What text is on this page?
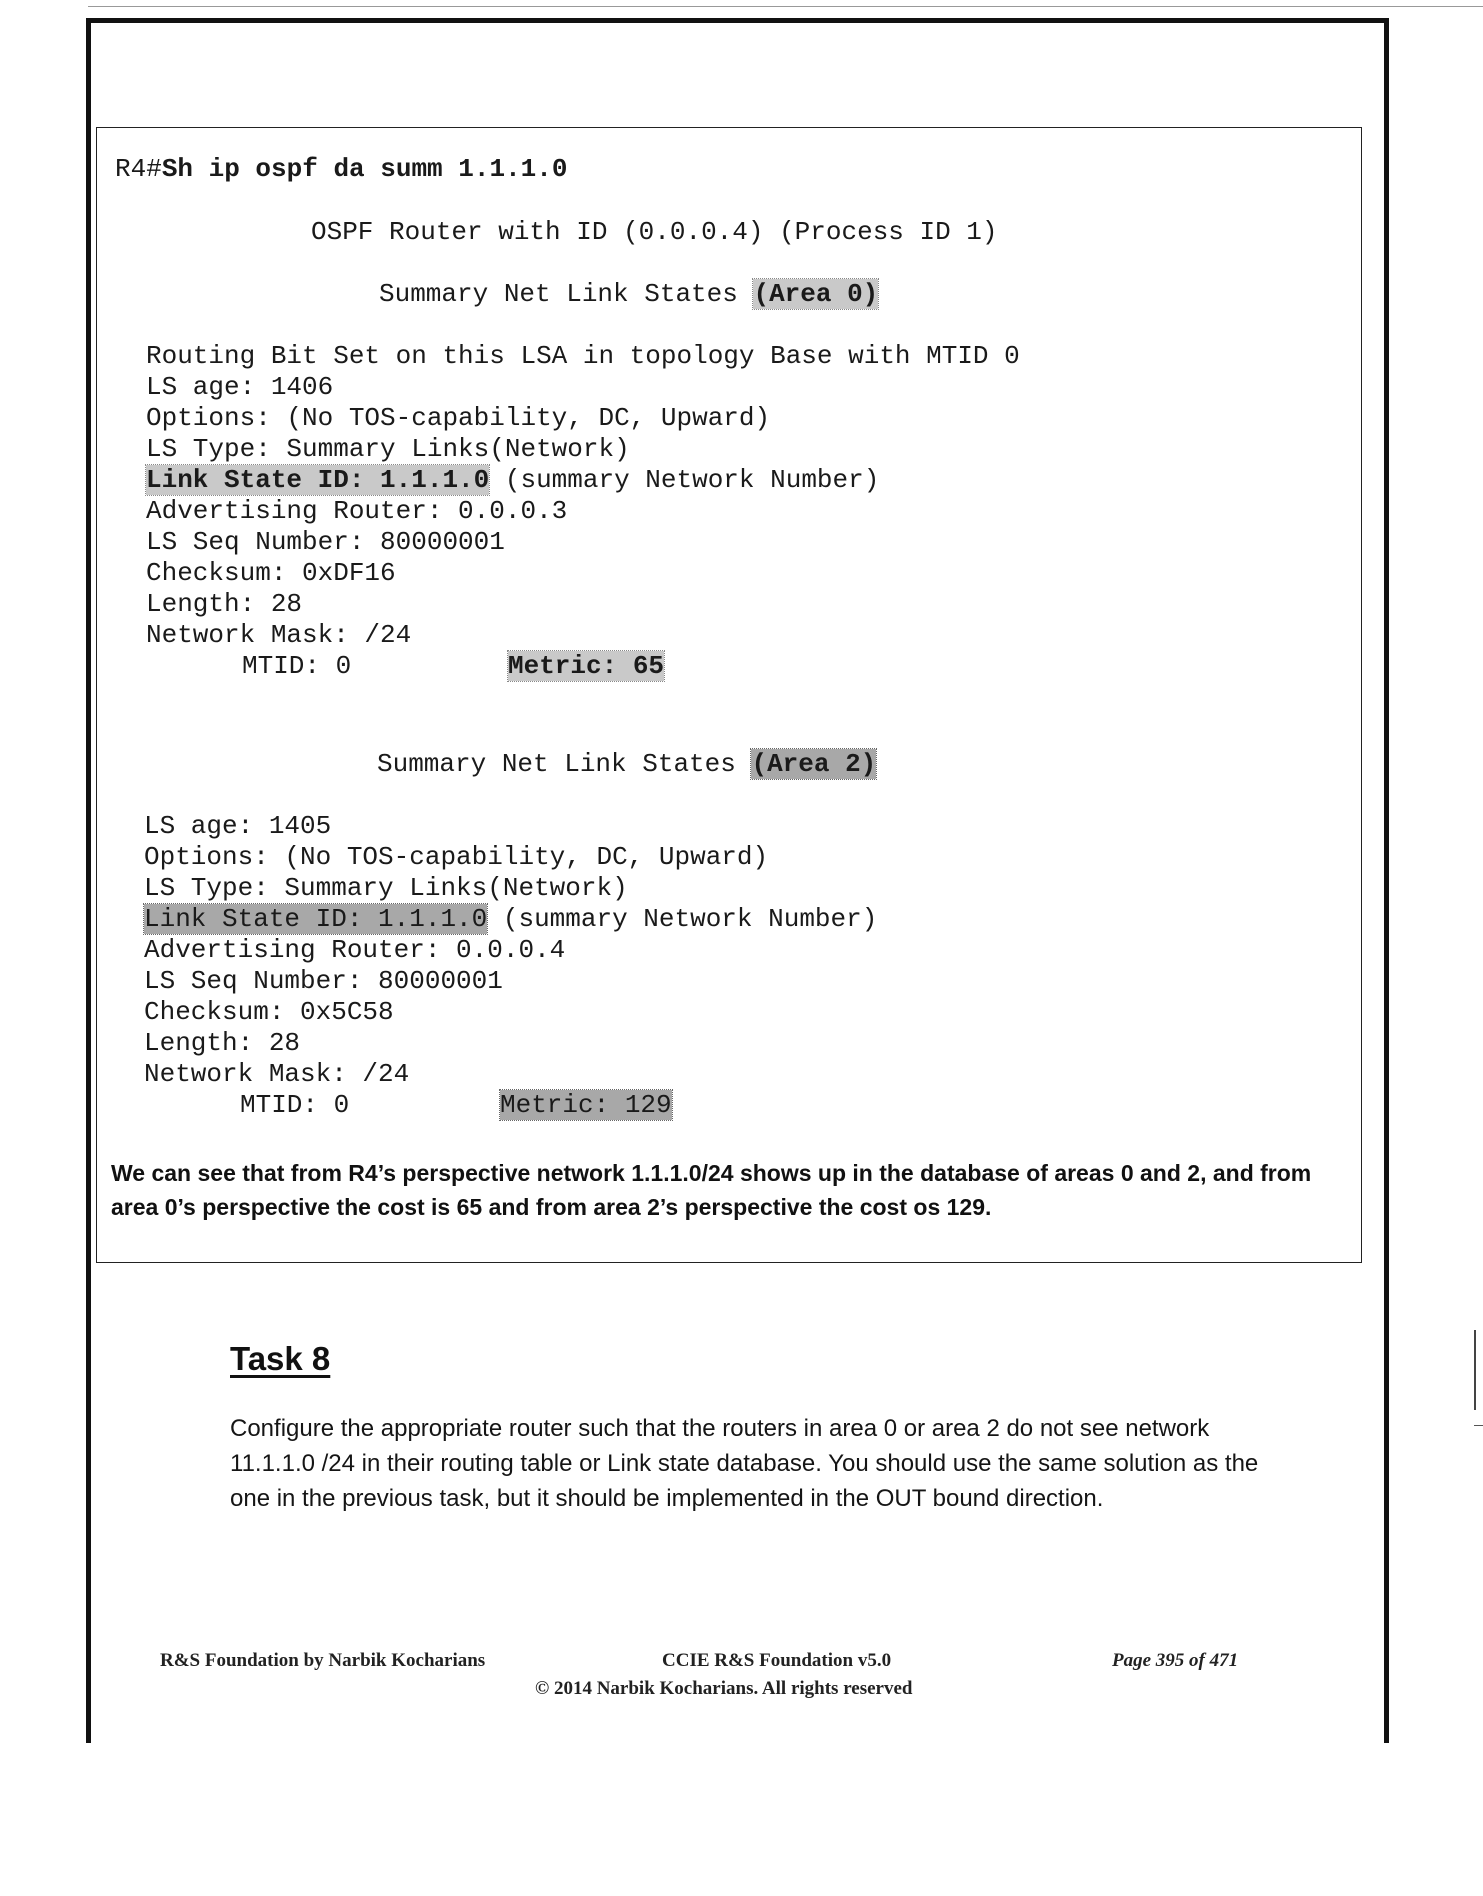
R4#Sh ip ospf da summ 1.1.1.0
OSPF Router with ID (0.0.0.4) (Process ID 1)
Summary Net Link States (Area 0)
Routing Bit Set on this LSA in topology Base with MTID 0
LS age: 1406
Options: (No TOS-capability, DC, Upward)
LS Type: Summary Links(Network)
Link State ID: 1.1.1.0 (summary Network Number)
Advertising Router: 0.0.0.3
LS Seq Number: 80000001
Checksum: 0xDF16
Length: 28
Network Mask: /24
MTID: 0	Metric: 65
Summary Net Link States (Area 2)
LS age: 1405
Options: (No TOS-capability, DC, Upward)
LS Type: Summary Links(Network)
Link State ID: 1.1.1.0 (summary Network Number)
Advertising Router: 0.0.0.4
LS Seq Number: 80000001
Checksum: 0x5C58
Length: 28
Network Mask: /24
MTID: 0	Metric: 129
We can see that from R4’s perspective network 1.1.1.0/24 shows up in the database of areas 0 and 2, and from area 0’s perspective the cost is 65 and from area 2’s perspective the cost os 129.
Task 8
Configure the appropriate router such that the routers in area 0 or area 2 do not see network 11.1.1.0 /24 in their routing table or Link state database. You should use the same solution as the one in the previous task, but it should be implemented in the OUT bound direction.
R&S Foundation by Narbik Kocharians	CCIE R&S Foundation v5.0	Page 395 of 471
© 2014 Narbik Kocharians. All rights reserved
